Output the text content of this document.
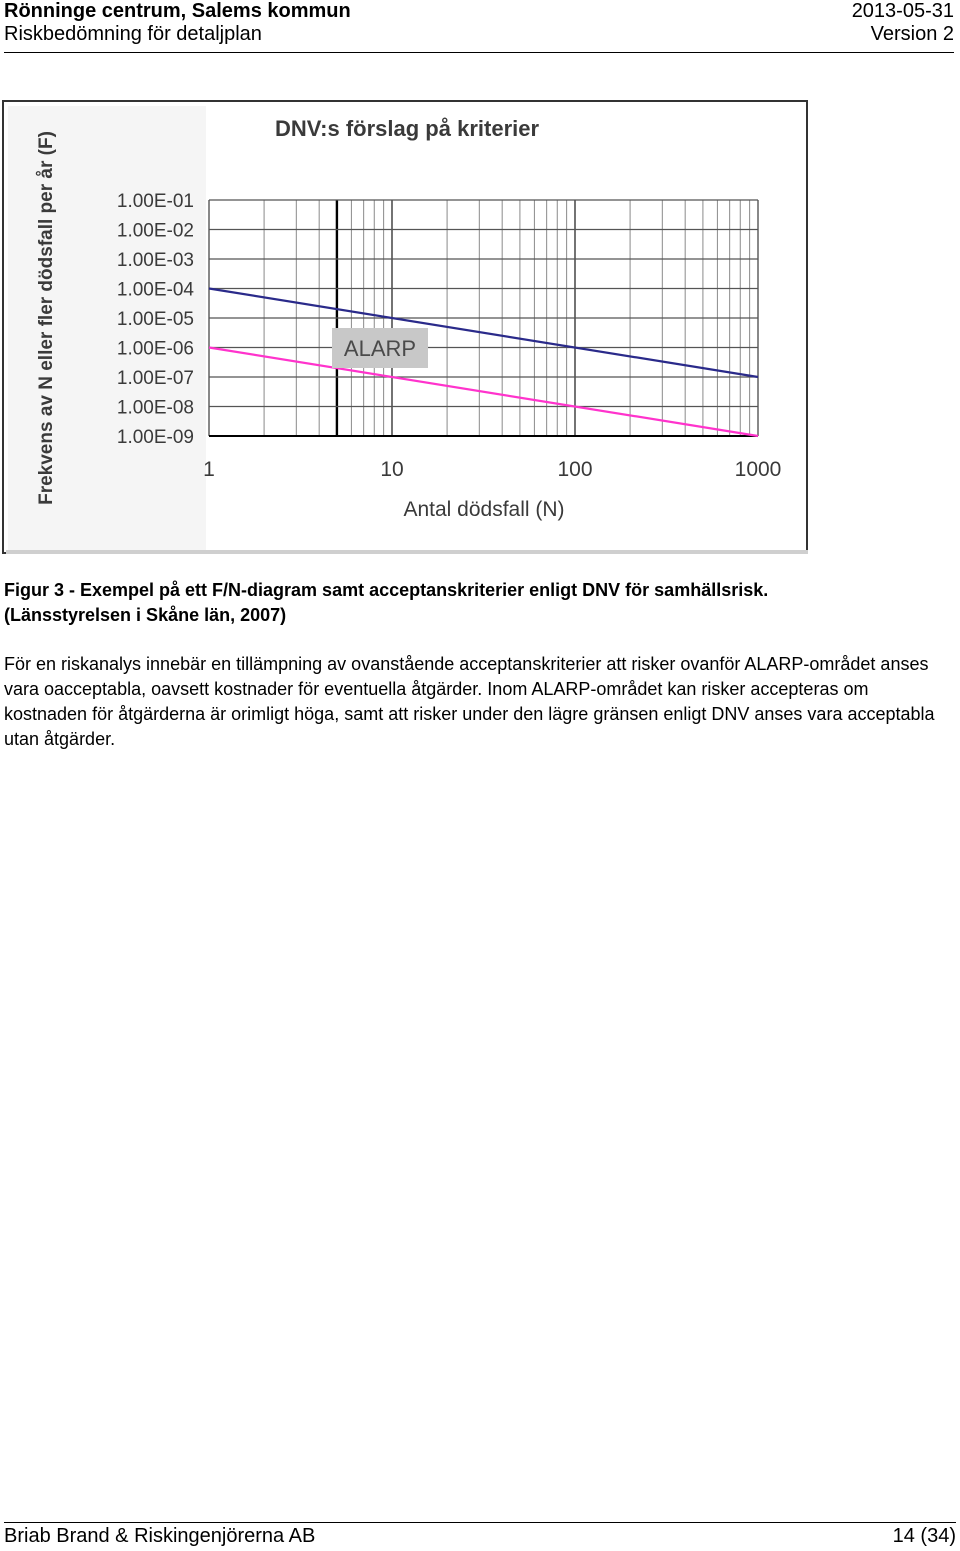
Rönninge centrum, Salems kommun	2013-05-31
Riskbedömning för detaljplan	Version 2
DNV:s förslag på kriterier
1.00E-01
1.00E-02
1.00E-03
1.00E-04
1.00E-05
1.00E-06
1.00E-07
1.00E-08
1.00E-09
1	10	100	1000
ALARP
Antal dödsfall (N)
Frekvens av N eller fler dödsfall per år (F)
Figur 3 - Exempel på ett F/N-diagram samt acceptanskriterier enligt DNV för samhällsrisk.
(Länsstyrelsen i Skåne län, 2007)
För en riskanalys innebär en tillämpning av ovanstående acceptanskriterier att risker ovanför ALARP-området anses vara oacceptabla, oavsett kostnader för eventuella åtgärder. Inom ALARP-området kan risker accepteras om kostnaden för åtgärderna är orimligt höga, samt att risker under den lägre gränsen enligt DNV anses vara acceptabla utan åtgärder.
Briab Brand & Riskingenjörerna AB	14 (34)
